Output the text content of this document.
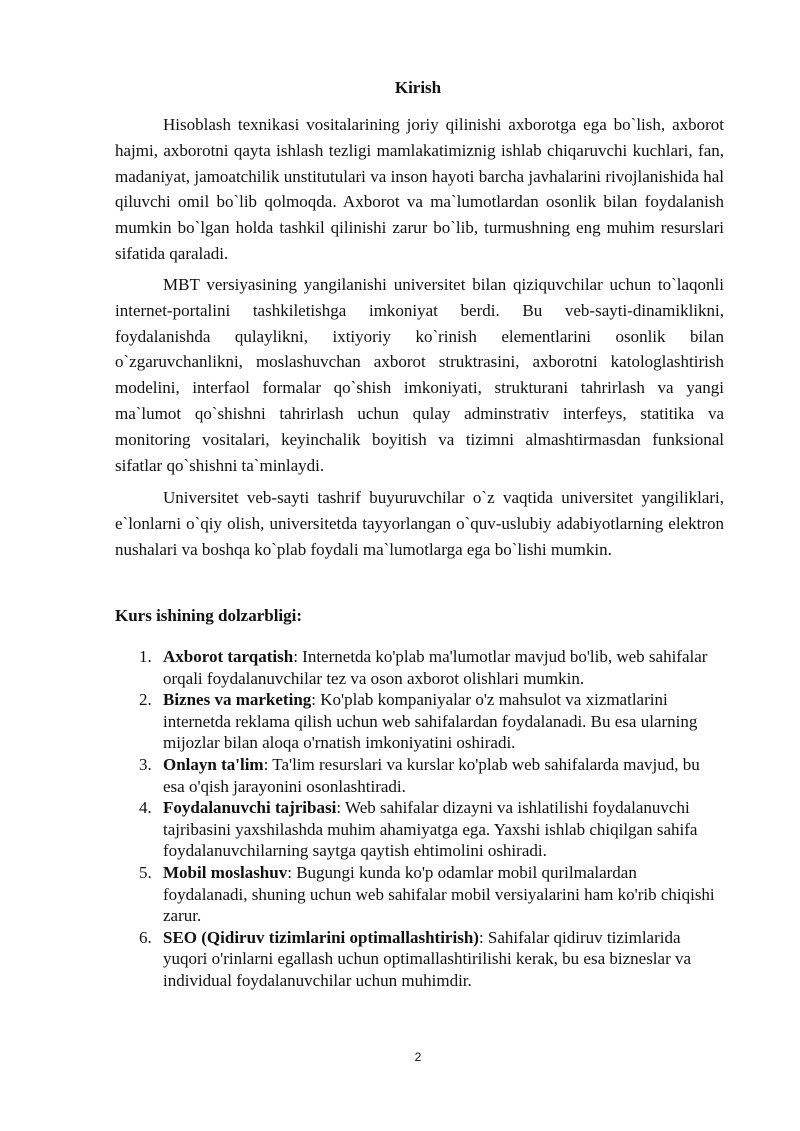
Kirish

Hisoblash texnikasi vositalarining joriy qilinishi axborotga ega bo`lish, axborot hajmi, axborotni qayta ishlash tezligi mamlakatimiznig ishlab chiqaruvchi kuchlari, fan, madaniyat, jamoatchilik unstitutulari va inson hayoti barcha javhalarini rivojlanishida hal qiluvchi omil bo`lib qolmoqda. Axborot va ma`lumotlardan osonlik bilan foydalanish mumkin bo`lgan holda tashkil qilinishi zarur bo`lib, turmushning eng muhim resurslari sifatida qaraladi.

MBT versiyasining yangilanishi universitet bilan qiziquvchilar uchun to`laqonli internet-portalini tashkiletishga imkoniyat berdi. Bu veb-sayti-dinamiklikni, foydalanishda qulaylikni, ixtiyoriy ko`rinish elementlarini osonlik bilan o`zgaruvchanlikni, moslashuvchan axborot struktrasini, axborotni katologlashtirish modelini, interfaol formalar qo`shish imkoniyati, strukturani tahrirlash va yangi ma`lumot qo`shishni tahrirlash uchun qulay adminstrativ interfeys, statitika va monitoring vositalari, keyinchalik boyitish va tizimni almashtirmasdan funksional sifatlar qo`shishni ta`minlaydi.

Universitet veb-sayti tashrif buyuruvchilar o`z vaqtida universitet yangiliklari, e`lonlarni o`qiy olish, universitetda tayyorlangan o`quv-uslubiy adabiyotlarning elektron nushalari va boshqa ko`plab foydali ma`lumotlarga ega bo`lishi mumkin.

Kurs ishining dolzarbligi:
1. Axborot tarqatish: Internetda ko'plab ma'lumotlar mavjud bo'lib, web sahifalar orqali foydalanuvchilar tez va oson axborot olishlari mumkin.
2. Biznes va marketing: Ko'plab kompaniyalar o'z mahsulot va xizmatlarini internetda reklama qilish uchun web sahifalardan foydalanadi. Bu esa ularning mijozlar bilan aloqa o'rnatish imkoniyatini oshiradi.
3. Onlayn ta'lim: Ta'lim resurslari va kurslar ko'plab web sahifalarda mavjud, bu esa o'qish jarayonini osonlashtiradi.
4. Foydalanuvchi tajribasi: Web sahifalar dizayni va ishlatilishi foydalanuvchi tajribasini yaxshilashda muhim ahamiyatga ega. Yaxshi ishlab chiqilgan sahifa foydalanuvchilarning saytga qaytish ehtimolini oshiradi.
5. Mobil moslashuv: Bugungi kunda ko'p odamlar mobil qurilmalardan foydalanadi, shuning uchun web sahifalar mobil versiyalarini ham ko'rib chiqishi zarur.
6. SEO (Qidiruv tizimlarini optimallashtirish): Sahifalar qidiruv tizimlarida yuqori o'rinlarni egallash uchun optimallashtirilishi kerak, bu esa bizneslar va individual foydalanuvchilar uchun muhimdir.
2
